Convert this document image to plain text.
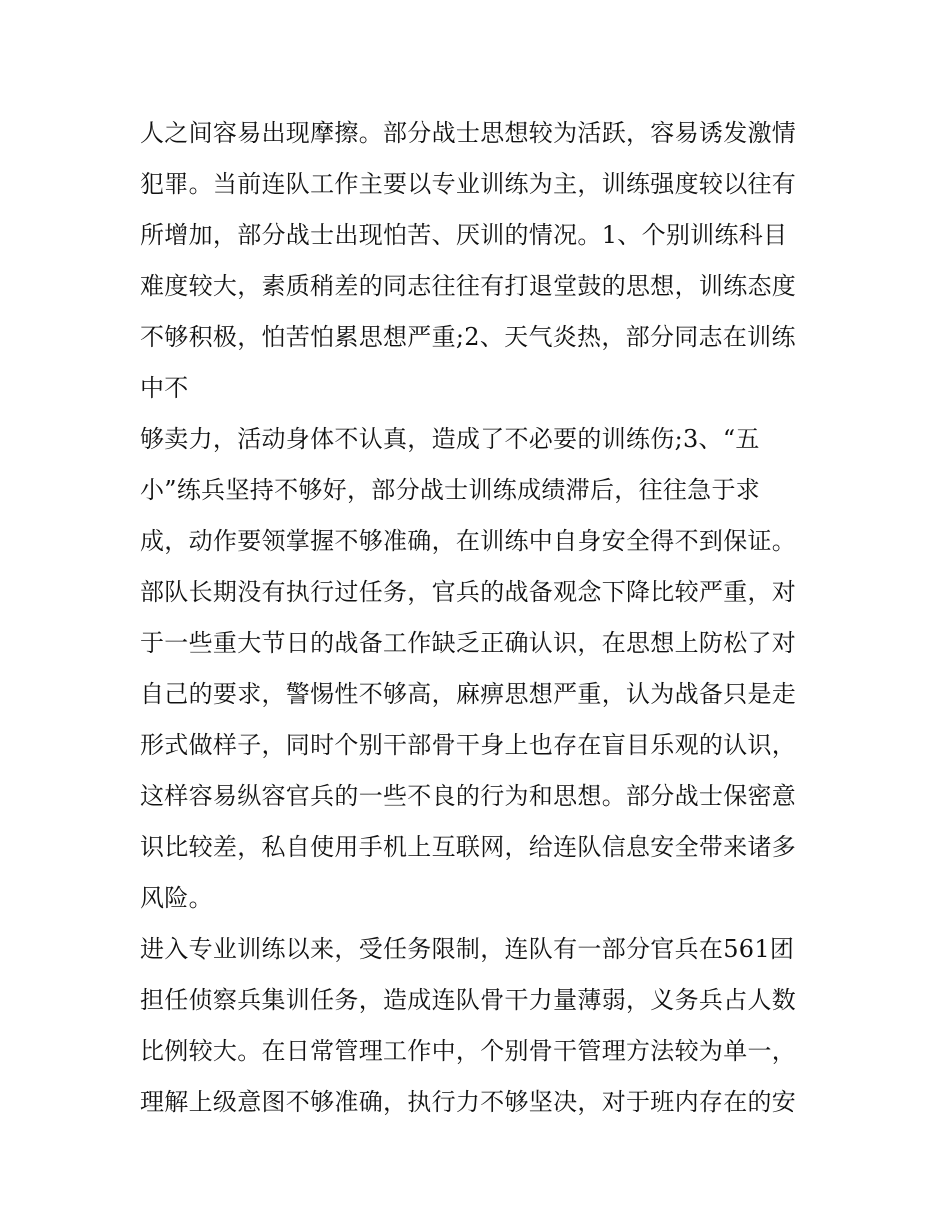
人之间容易出现摩擦。部分战士思想较为活跃，容易诱发激情
犯罪。当前连队工作主要以专业训练为主，训练强度较以往有
所增加，部分战士出现怕苦、厌训的情况。1、个别训练科目
难度较大，素质稍差的同志往往有打退堂鼓的思想，训练态度
不够积极，怕苦怕累思想严重;2、天气炎热，部分同志在训练
中不
够卖力，活动身体不认真，造成了不必要的训练伤;3、“五
小”练兵坚持不够好，部分战士训练成绩滞后，往往急于求
成，动作要领掌握不够准确，在训练中自身安全得不到保证。
部队长期没有执行过任务，官兵的战备观念下降比较严重，对
于一些重大节日的战备工作缺乏正确认识，在思想上防松了对
自己的要求，警惕性不够高，麻痹思想严重，认为战备只是走
形式做样子，同时个别干部骨干身上也存在盲目乐观的认识，
这样容易纵容官兵的一些不良的行为和思想。部分战士保密意
识比较差，私自使用手机上互联网，给连队信息安全带来诸多
风险。
进入专业训练以来，受任务限制，连队有一部分官兵在561团
担任侦察兵集训任务，造成连队骨干力量薄弱，义务兵占人数
比例较大。在日常管理工作中，个别骨干管理方法较为单一，
理解上级意图不够准确，执行力不够坚决，对于班内存在的安
